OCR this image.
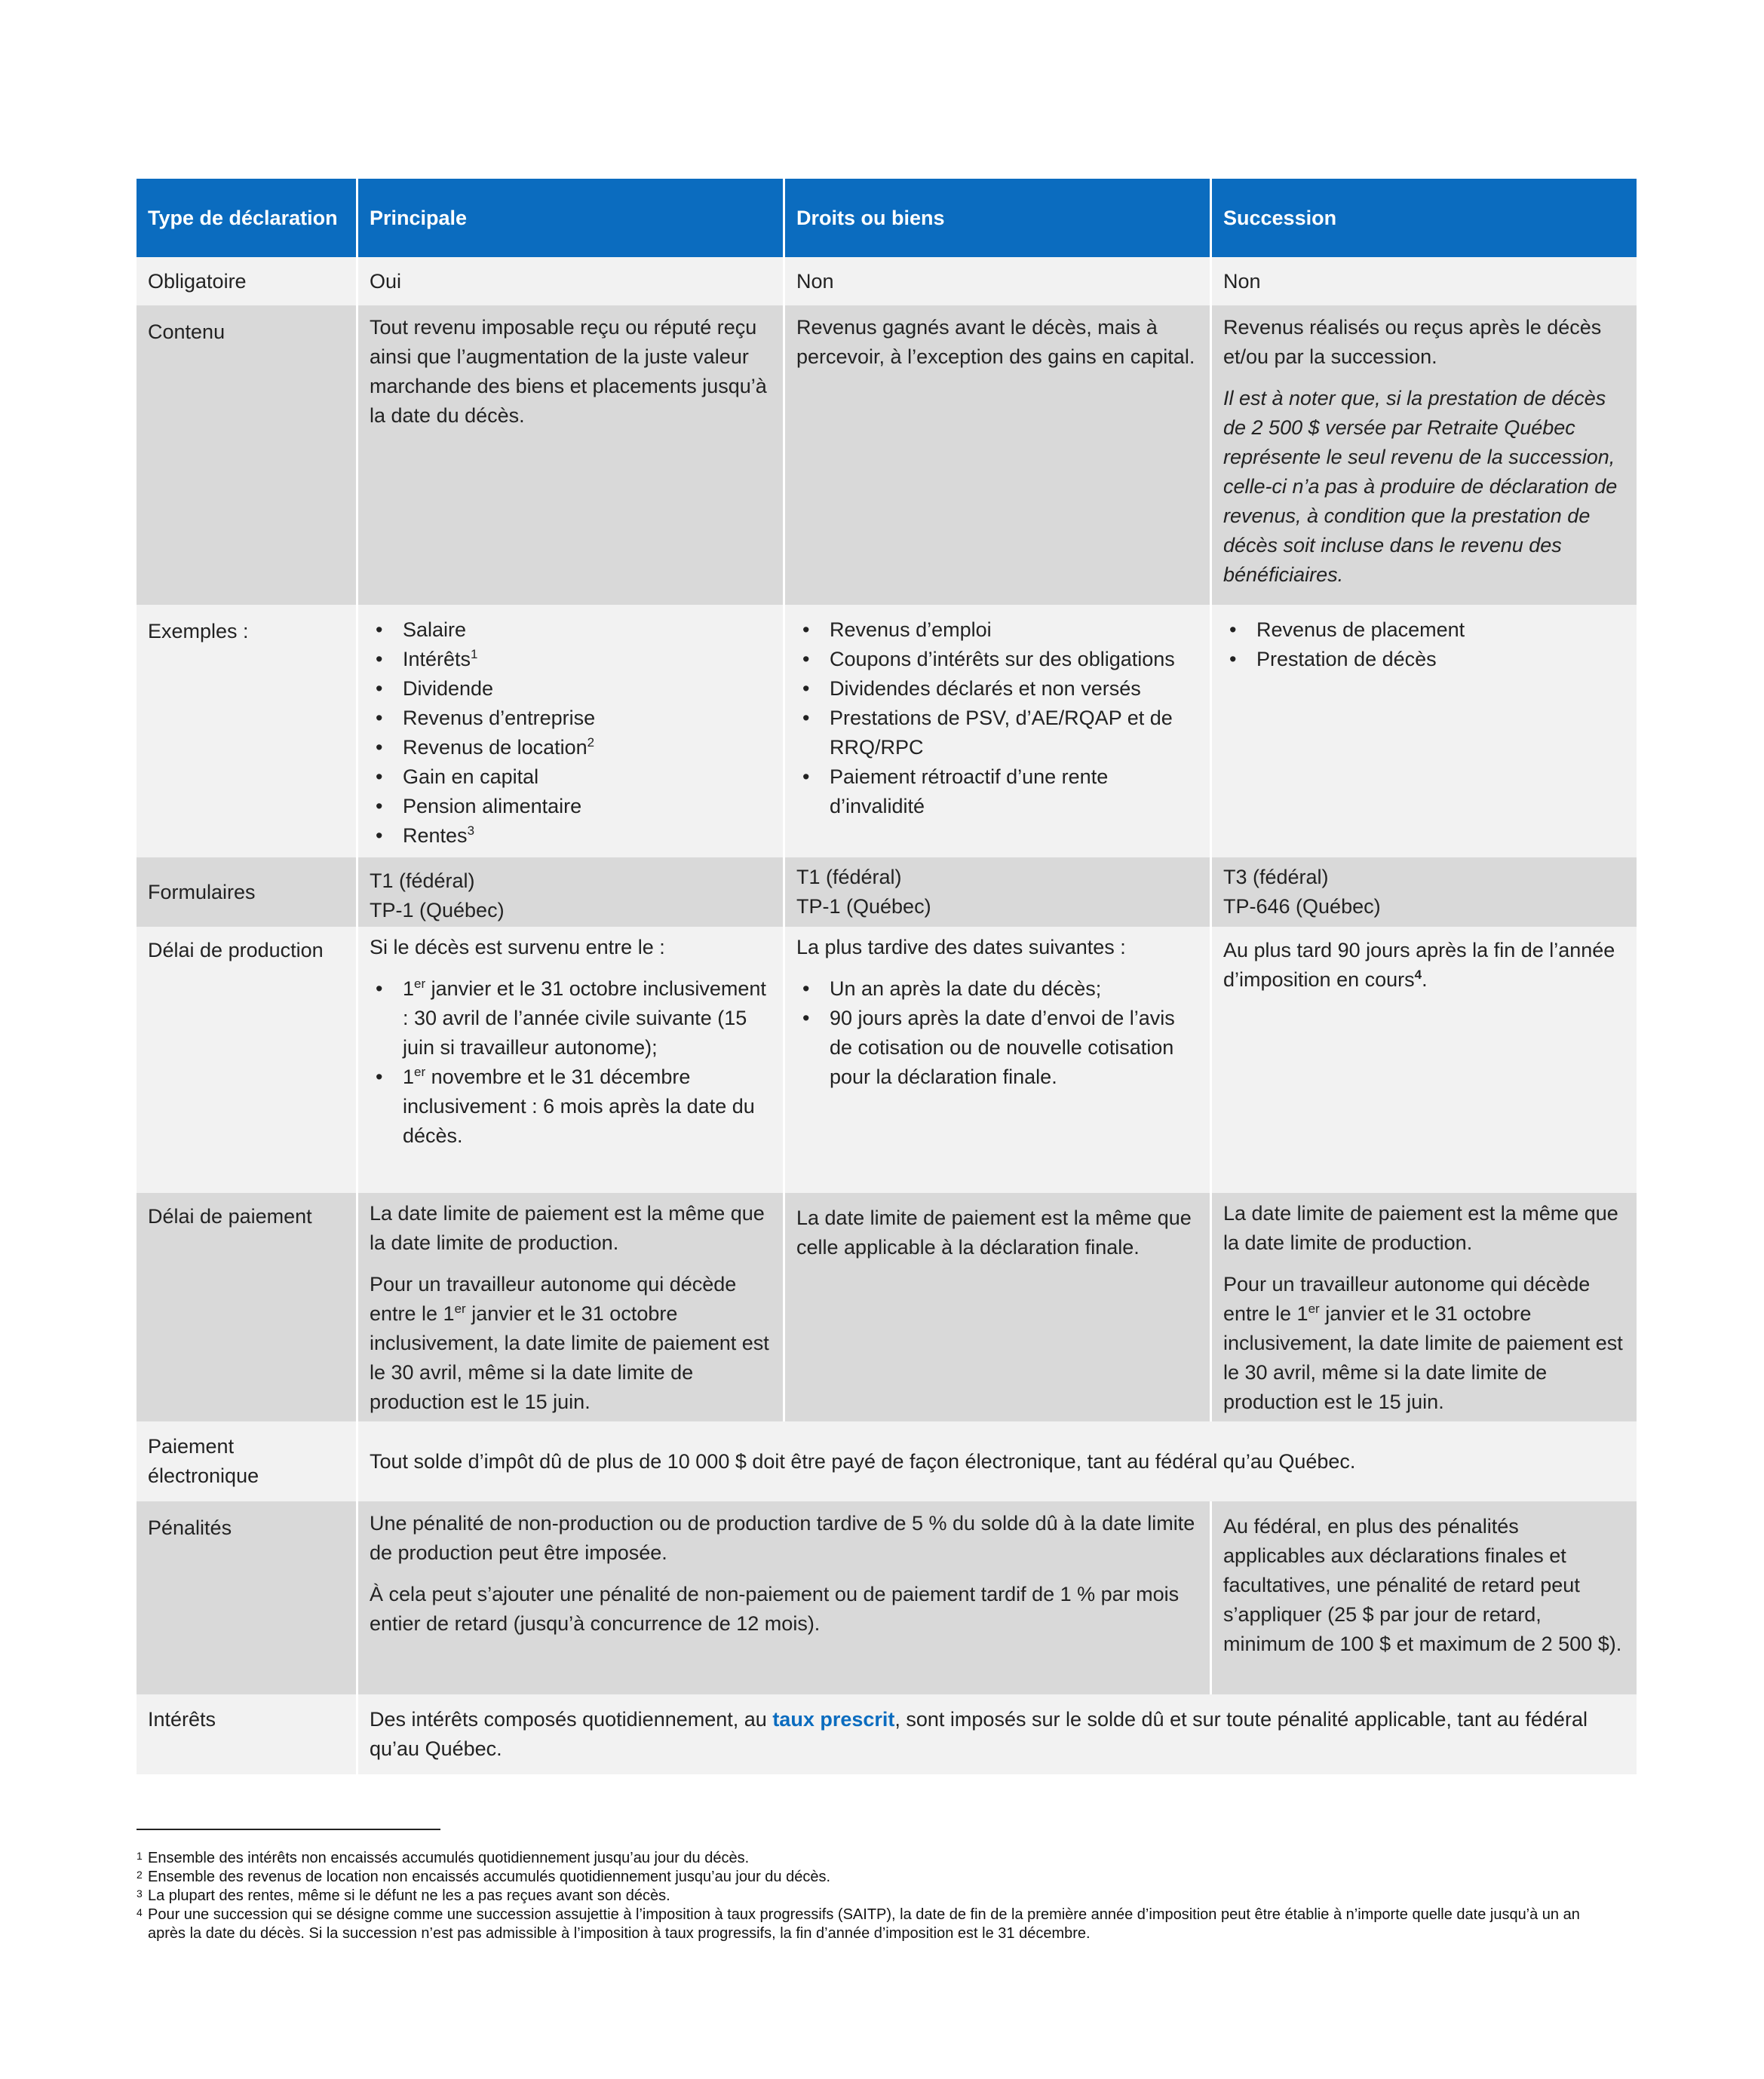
Type de déclaration	Principale	Droits ou biens	Succession
Obligatoire	Oui	Non	Non
Contenu	Tout revenu imposable reçu ou réputé reçu ainsi que l’augmentation de la juste valeur marchande des biens et placements jusqu’à la date du décès.

Revenus gagnés avant le décès, mais à percevoir, à l’exception des gains en capital.

Revenus réalisés ou reçus après le décès et/ou par la succession.

Il est à noter que, si la prestation de décès de 2 500 $ versée par Retraite Québec représente le seul revenu de la succession, celle-ci n’a pas à produire de déclaration de revenus, à condition que la prestation de décès soit incluse dans le revenu des bénéficiaires.

Exemples :
•	Salaire
• Intérêts$^1$
• Dividende
• Revenus d’entreprise
• Revenus de location$^2$
• Gain en capital
• Pension alimentaire
• Rentes$^3$
• Revenus d’emploi
• Coupons d’intérêts sur des obligations
• Dividendes déclarés et non versés
• Prestations de PSV, d’AE/RQAP et de RRQ/RPC
• Paiement rétroactif d’une rente d’invalidité
• Revenus de placement
• Prestation de décès
Formulaires	T1 (fédéral)
TP-1 (Québec)
T1 (fédéral)
TP-1 (Québec)
T3 (fédéral)
TP-646 (Québec)
Délai de production	Si le décès est survenu entre le :

• 1er janvier et le 31 octobre inclusivement : 30 avril de l’année civile suivante (15 juin si travailleur autonome);
• 1er novembre et le 31 décembre inclusivement : 6 mois après la date du décès.

La plus tardive des dates suivantes :

• Un an après la date du décès;
• 90 jours après la date d’envoi de l’avis de cotisation ou de nouvelle cotisation pour la déclaration finale.

Au plus tard 90 jours après la fin de l’année d’imposition en cours$^4$.

Délai de paiement	La date limite de paiement est la même que la date limite de production.

Pour un travailleur autonome qui décède entre le 1er janvier et le 31 octobre inclusivement, la date limite de paiement est le 30 avril, même si la date limite de production est le 15 juin.

La date limite de paiement est la même que celle applicable à la déclaration finale.

La date limite de paiement est la même que la date limite de production.

Pour un travailleur autonome qui décède entre le 1er janvier et le 31 octobre inclusivement, la date limite de paiement est le 30 avril, même si la date limite de production est le 15 juin.

Paiement électronique
Tout solde d’impôt dû de plus de 10 000 $ doit être payé de façon électronique, tant au fédéral qu’au Québec.
Pénalités	Une pénalité de non-production ou de production tardive de 5 % du solde dû à la date limite de production peut être imposée.

À cela peut s’ajouter une pénalité de non-paiement ou de paiement tardif de 1 % par mois entier de retard (jusqu’à concurrence de 12 mois).

Au fédéral, en plus des pénalités applicables aux déclarations finales et facultatives, une pénalité de retard peut s’appliquer (25 $ par jour de retard, minimum de 100 $ et maximum de 2 500 $).

Intérêts	Des intérêts composés quotidiennement, au taux prescrit, sont imposés sur le solde dû et sur toute pénalité applicable, tant au fédéral qu’au Québec.
1 Ensemble des intérêts non encaissés accumulés quotidiennement jusqu’au jour du décès.
2 Ensemble des revenus de location non encaissés accumulés quotidiennement jusqu’au jour du décès.
3 La plupart des rentes, même si le défunt ne les a pas reçues avant son décès.
4 Pour une succession qui se désigne comme une succession assujettie à l’imposition à taux progressifs (SAITP), la date de fin de la première année d’imposition peut être établie à n’importe quelle date jusqu’à un an après la date du décès. Si la succession n’est pas admissible à l’imposition à taux progressifs, la fin d’année d’imposition est le 31 décembre.
